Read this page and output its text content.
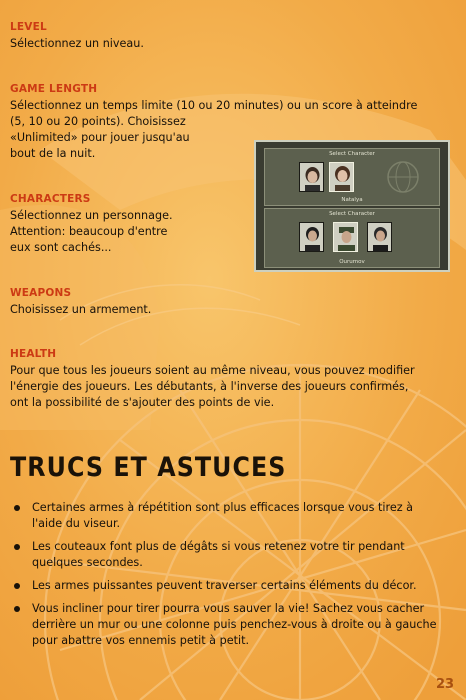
LEVEL

Sélectionnez un niveau.

GAME LENGTH

Sélectionnez un temps limite (10 ou 20 minutes) ou un score à atteindre
(5, 10 ou 20 points). Choisissez
«Unlimited» pour jouer jusqu'au
bout de la nuit.

CHARACTERS

Sélectionnez un personnage.
Attention: beaucoup d'entre
eux sont cachés...

WEAPONS

Choisissez un armement.

HEALTH

Pour que tous les joueurs soient au même niveau, vous pouvez modifier
l'énergie des joueurs. Les débutants, à l'inverse des joueurs confirmés,
ont la possibilité de s'ajouter des points de vie.

Select Character
Natalya
Select Character
Ourumov
TRUCS ET ASTUCES
Certaines armes à répétition sont plus efficaces lorsque vous tirez à
l'aide du viseur.
Les couteaux font plus de dégâts si vous retenez votre tir pendant
quelques secondes.
Les armes puissantes peuvent traverser certains éléments du décor.
Vous incliner pour tirer pourra vous sauver la vie! Sachez vous cacher
derrière un mur ou une colonne puis penchez-vous à droite ou à gauche
pour abattre vos ennemis petit à petit.
23
